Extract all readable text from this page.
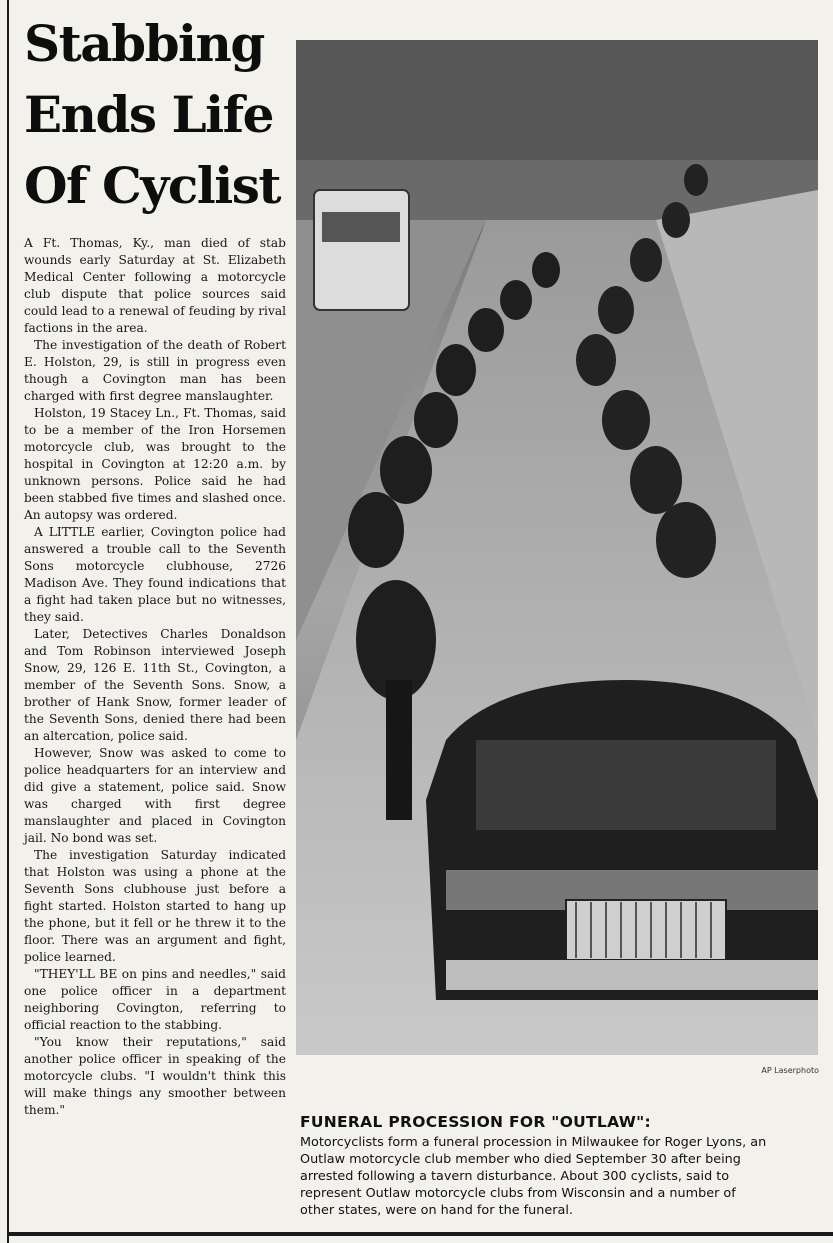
Stabbing
Ends Life
Of Cyclist

A Ft. Thomas, Ky., man died of stab wounds early Saturday at St. Elizabeth Medical Center following a motorcycle club dispute that police sources said could lead to a renewal of feuding by rival factions in the area.

The investigation of the death of Robert E. Holston, 29, is still in progress even though a Covington man has been charged with first degree manslaughter.

Holston, 19 Stacey Ln., Ft. Thomas, said to be a member of the Iron Horsemen motorcycle club, was brought to the hospital in Covington at 12:20 a.m. by unknown persons. Police said he had been stabbed five times and slashed once. An autopsy was ordered.

A LITTLE earlier, Covington police had answered a trouble call to the Seventh Sons motorcycle clubhouse, 2726 Madison Ave. They found indications that a fight had taken place but no witnesses, they said.

Later, Detectives Charles Donaldson and Tom Robinson interviewed Joseph Snow, 29, 126 E. 11th St., Covington, a member of the Seventh Sons. Snow, a brother of Hank Snow, former leader of the Seventh Sons, denied there had been an altercation, police said.

However, Snow was asked to come to police headquarters for an interview and did give a statement, police said. Snow was charged with first degree manslaughter and placed in Covington jail. No bond was set.

The investigation Saturday indicated that Holston was using a phone at the Seventh Sons clubhouse just before a fight started. Holston started to hang up the phone, but it fell or he threw it to the floor. There was an argument and fight, police learned.

"THEY'LL BE on pins and needles," said one police officer in a department neighboring Covington, referring to official reaction to the stabbing.

"You know their reputations," said another police officer in speaking of the motorcycle clubs. "I wouldn't think this will make things any smoother between them."

AP Laserphoto
FUNERAL PROCESSION FOR "OUTLAW":
Motorcyclists form a funeral procession in Milwaukee for Roger Lyons, an Outlaw motorcycle club member who died September 30 after being arrested following a tavern disturbance. About 300 cyclists, said to represent Outlaw motorcycle clubs from Wisconsin and a number of other states, were on hand for the funeral.
